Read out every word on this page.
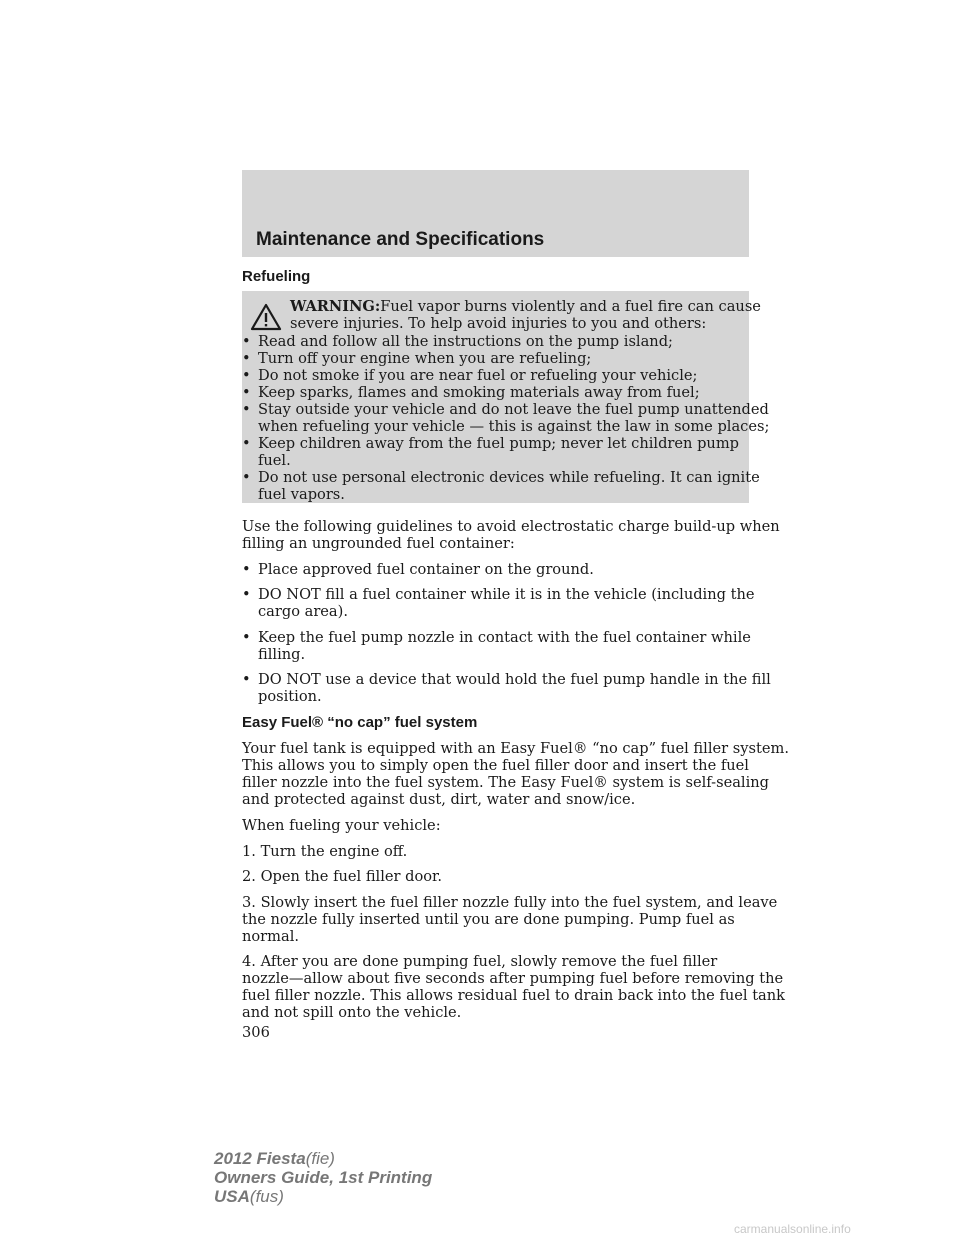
Maintenance and Specifications
Refueling
WARNING:Fuel vapor burns violently and a fuel fire can cause
severe injuries. To help avoid injuries to you and others:
• Read and follow all the instructions on the pump island;
• Turn off your engine when you are refueling;
• Do not smoke if you are near fuel or refueling your vehicle;
• Keep sparks, flames and smoking materials away from fuel;
• Stay outside your vehicle and do not leave the fuel pump unattended
when refueling your vehicle — this is against the law in some places;
• Keep children away from the fuel pump; never let children pump
fuel.
• Do not use personal electronic devices while refueling. It can ignite
fuel vapors.
Use the following guidelines to avoid electrostatic charge build-up when
filling an ungrounded fuel container:
• Place approved fuel container on the ground.
• DO NOT fill a fuel container while it is in the vehicle (including the
cargo area).
• Keep the fuel pump nozzle in contact with the fuel container while
filling.
• DO NOT use a device that would hold the fuel pump handle in the fill
position.
Easy Fuel® “no cap” fuel system
Your fuel tank is equipped with an Easy Fuel® “no cap” fuel filler system.
This allows you to simply open the fuel filler door and insert the fuel
filler nozzle into the fuel system. The Easy Fuel® system is self-sealing
and protected against dust, dirt, water and snow/ice.
When fueling your vehicle:
1. Turn the engine off.
2. Open the fuel filler door.
3. Slowly insert the fuel filler nozzle fully into the fuel system, and leave
the nozzle fully inserted until you are done pumping. Pump fuel as
normal.
4. After you are done pumping fuel, slowly remove the fuel filler
nozzle—allow about five seconds after pumping fuel before removing the
fuel filler nozzle. This allows residual fuel to drain back into the fuel tank
and not spill onto the vehicle.
306
2012 Fiesta(fie)
Owners Guide, 1st Printing
USA(fus)
carmanualsonline.info
